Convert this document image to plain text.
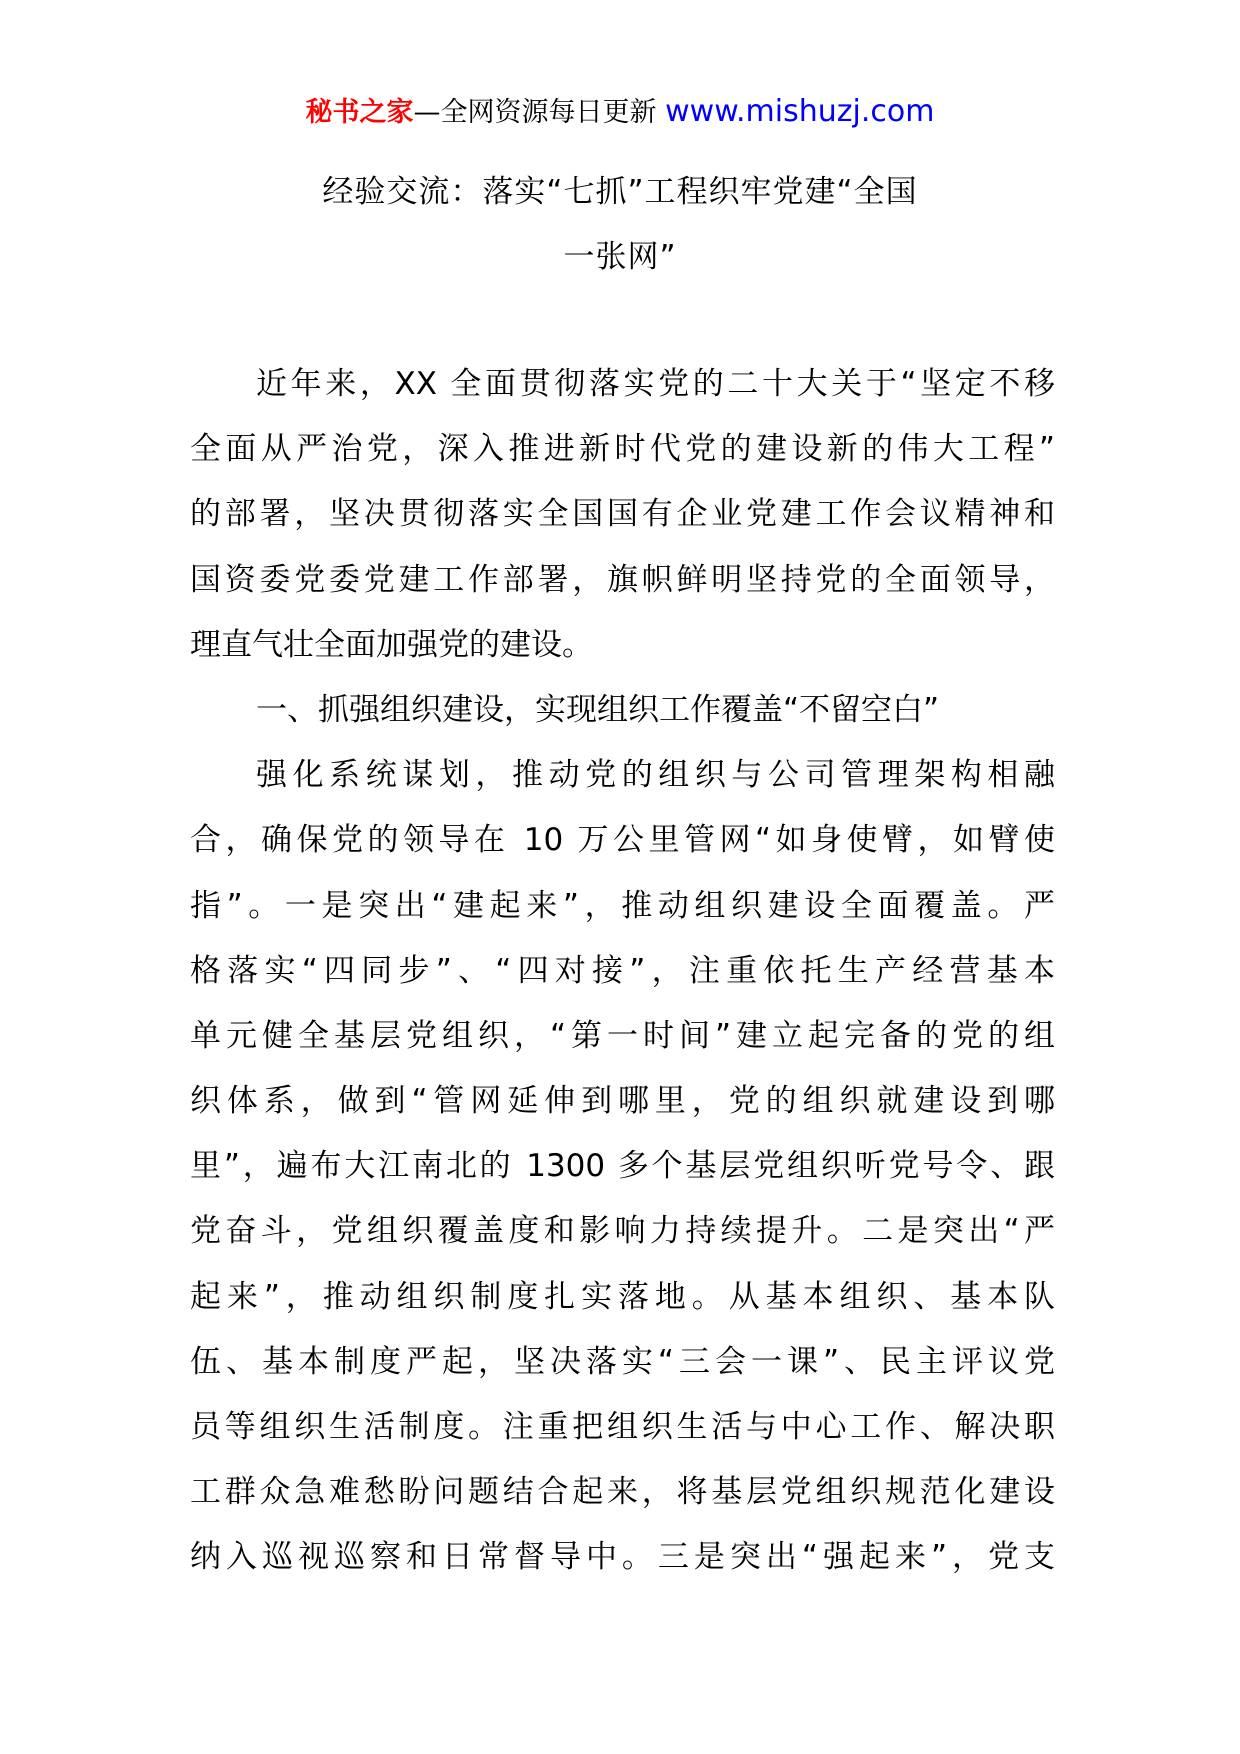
秘书之家—全网资源每日更新 www.mishuzj.com
经验交流：落实“七抓”工程织牢党建“全国
一张网”
近年来，XX 全面贯彻落实党的二十大关于“坚定不移
全面从严治党，深入推进新时代党的建设新的伟大工程”
的部署，坚决贯彻落实全国国有企业党建工作会议精神和
国资委党委党建工作部署，旗帜鲜明坚持党的全面领导，
理直气壮全面加强党的建设。
一、抓强组织建设，实现组织工作覆盖“不留空白”
强化系统谋划，推动党的组织与公司管理架构相融
合，确保党的领导在 10 万公里管网“如身使臂，如臂使
指”。一是突出“建起来”，推动组织建设全面覆盖。严
格落实“四同步”、“四对接”，注重依托生产经营基本
单元健全基层党组织，“第一时间”建立起完备的党的组
织体系，做到“管网延伸到哪里，党的组织就建设到哪
里”，遍布大江南北的 1300 多个基层党组织听党号令、跟
党奋斗，党组织覆盖度和影响力持续提升。二是突出“严
起来”，推动组织制度扎实落地。从基本组织、基本队
伍、基本制度严起，坚决落实“三会一课”、民主评议党
员等组织生活制度。注重把组织生活与中心工作、解决职
工群众急难愁盼问题结合起来，将基层党组织规范化建设
纳入巡视巡察和日常督导中。三是突出“强起来”，党支
